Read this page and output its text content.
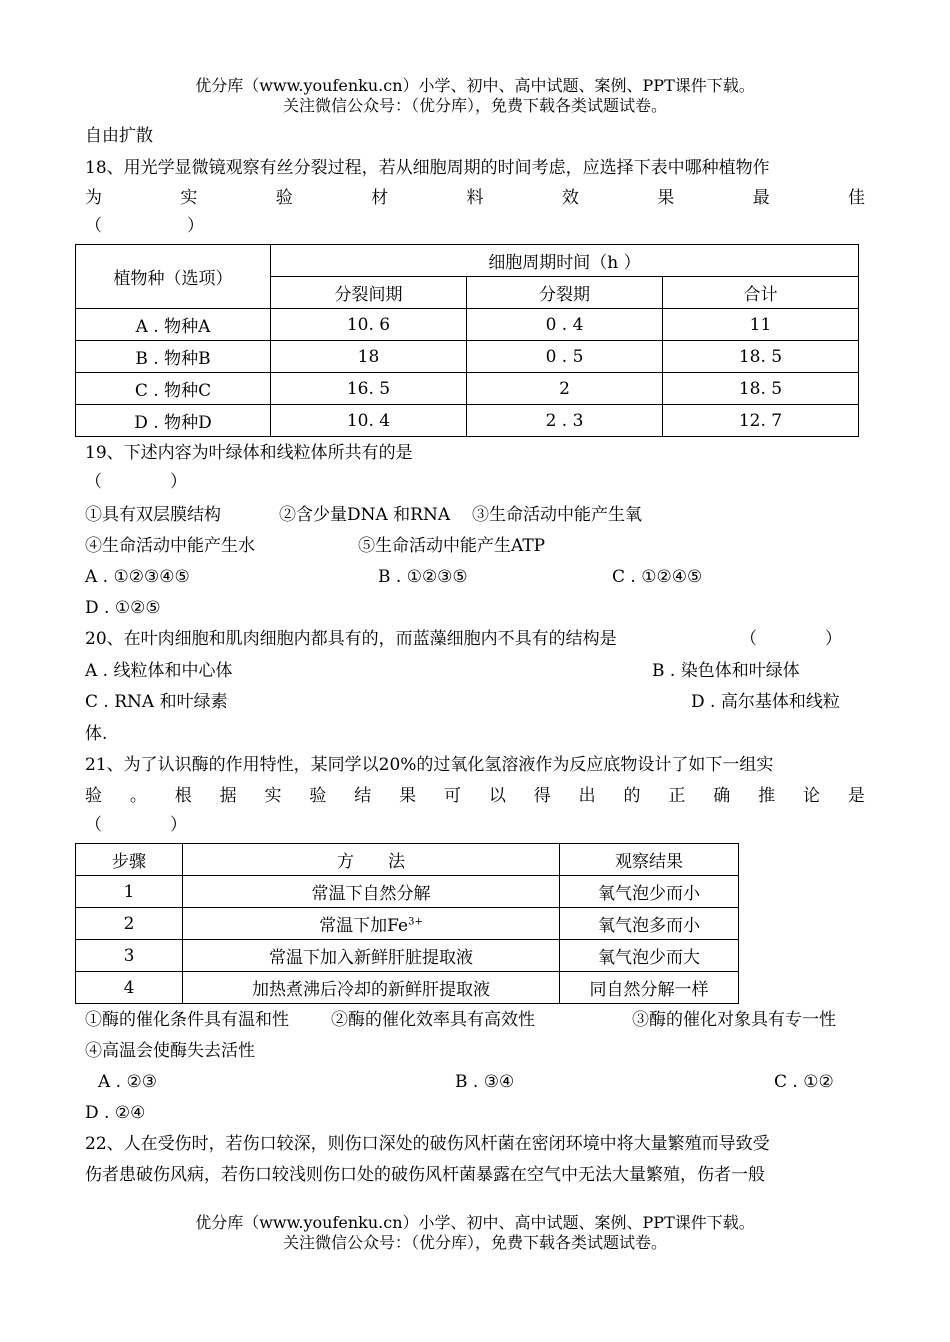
优分库（www.youfenku.cn）小学、初中、高中试题、案例、PPT课件下载。
关注微信公众号：（优分库），免费下载各类试题试卷。
自由扩散
18、用光学显微镜观察有丝分裂过程，若从细胞周期的时间考虑，应选择下表中哪种植物作
为	实	验	材	料	效	果	最	佳
（　　　　　）
植物种（选项）	细胞周期时间（h ）		
	分裂间期	分裂期	合计
A . 物种A	10. 6	0 . 4	11
B . 物种B	18	0 . 5	18. 5
C . 物种C	16. 5	2	18. 5
D . 物种D	10. 4	2 . 3	12. 7
19、下述内容为叶绿体和线粒体所共有的是
（　　　　）
①具有双层膜结构	②含少量DNA 和RNA ③生命活动中能产生氧
④生命活动中能产生水	⑤生命活动中能产生ATP
A . ①②③④⑤	B . ①②③⑤	C . ①②④⑤
D . ①②⑤
20、在叶肉细胞和肌肉细胞内都具有的，而蓝藻细胞内不具有的结构是	（　　　　）
A . 线粒体和中心体	B . 染色体和叶绿体
C . RNA 和叶绿素	D . 高尔基体和线粒
体.
21、为了认识酶的作用特性，某同学以20%的过氧化氢溶液作为反应底物设计了如下一组实
验 。 根 据 实 验 结 果 可 以 得 出 的 正 确 推 论 是
（　　　　）
步骤	方　　法	观察结果
1	常温下自然分解	氧气泡少而小
2	常温下加$Fe^{3+}$	氧气泡多而小
3	常温下加入新鲜肝脏提取液	氧气泡少而大
4	加热煮沸后冷却的新鲜肝提取液	同自然分解一样
①酶的催化条件具有温和性 ②酶的催化效率具有高效性	③酶的催化对象具有专一性
④高温会使酶失去活性
A . ②③	B . ③④	C . ①②
D . ②④
22、人在受伤时，若伤口较深，则伤口深处的破伤风杆菌在密闭环境中将大量繁殖而导致受
伤者患破伤风病，若伤口较浅则伤口处的破伤风杆菌暴露在空气中无法大量繁殖，伤者一般
优分库（www.youfenku.cn）小学、初中、高中试题、案例、PPT课件下载。
关注微信公众号：（优分库），免费下载各类试题试卷。
